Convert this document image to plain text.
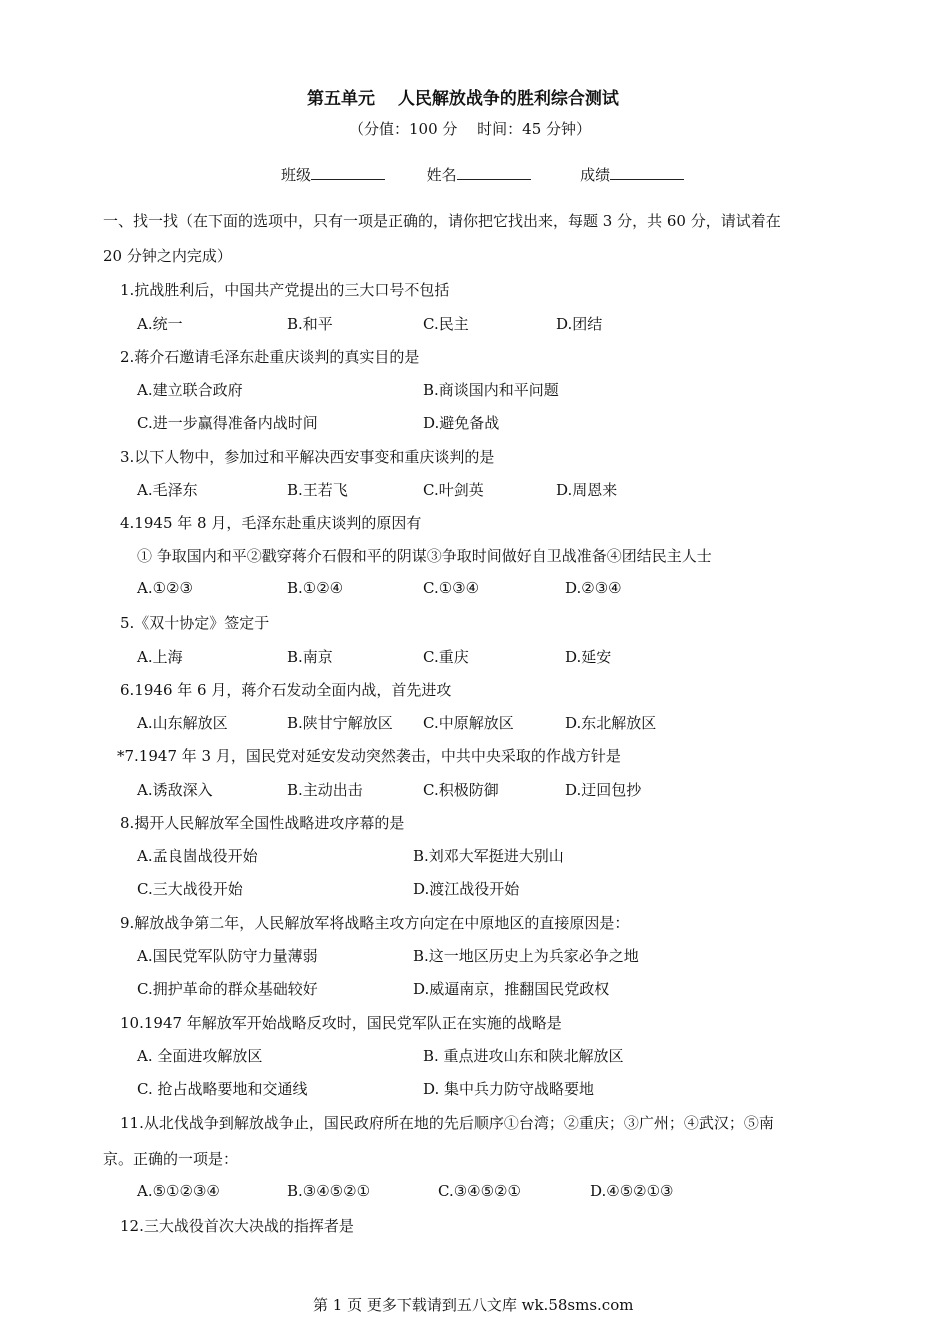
第五单元　 人民解放战争的胜利综合测试
（分值：100 分　 时间：45 分钟）
班级	姓名	成绩
一、找一找（在下面的选项中，只有一项是正确的，请你把它找出来，每题 3 分，共 60 分，请试着在
20 分钟之内完成）
1.抗战胜利后，中国共产党提出的三大口号不包括
A.统一	B.和平	C.民主	D.团结
2.蒋介石邀请毛泽东赴重庆谈判的真实目的是
A.建立联合政府	B.商谈国内和平问题
C.进一步赢得准备内战时间	D.避免备战
3.以下人物中，参加过和平解决西安事变和重庆谈判的是
A.毛泽东	B.王若飞	C.叶剑英	D.周恩来
4.1945 年 8 月，毛泽东赴重庆谈判的原因有
① 争取国内和平②戳穿蒋介石假和平的阴谋③争取时间做好自卫战准备④团结民主人士
A.①②③	B.①②④	C.①③④	D.②③④
5.《双十协定》签定于
A.上海	B.南京	C.重庆	D.延安
6.1946 年 6 月，蒋介石发动全面内战，首先进攻
A.山东解放区	B.陕甘宁解放区 C.中原解放区	D.东北解放区
*7.1947 年 3 月，国民党对延安发动突然袭击，中共中央采取的作战方针是
A.诱敌深入	B.主动出击	C.积极防御	D.迂回包抄
8.揭开人民解放军全国性战略进攻序幕的是
A.孟良崮战役开始	B.刘邓大军挺进大别山
C.三大战役开始	D.渡江战役开始
9.解放战争第二年，人民解放军将战略主攻方向定在中原地区的直接原因是：
A.国民党军队防守力量薄弱	B.这一地区历史上为兵家必争之地
C.拥护革命的群众基础较好	D.威逼南京，推翻国民党政权
10.1947 年解放军开始战略反攻时，国民党军队正在实施的战略是
A. 全面进攻解放区	B. 重点进攻山东和陕北解放区
C. 抢占战略要地和交通线	D. 集中兵力防守战略要地
11.从北伐战争到解放战争止，国民政府所在地的先后顺序①台湾；②重庆；③广州；④武汉；⑤南
京。正确的一项是：
A.⑤①②③④	B.③④⑤②①	C.③④⑤②①	D.④⑤②①③
12.三大战役首次大决战的指挥者是
第 1 页 更多下载请到五八文库 wk.58sms.com
